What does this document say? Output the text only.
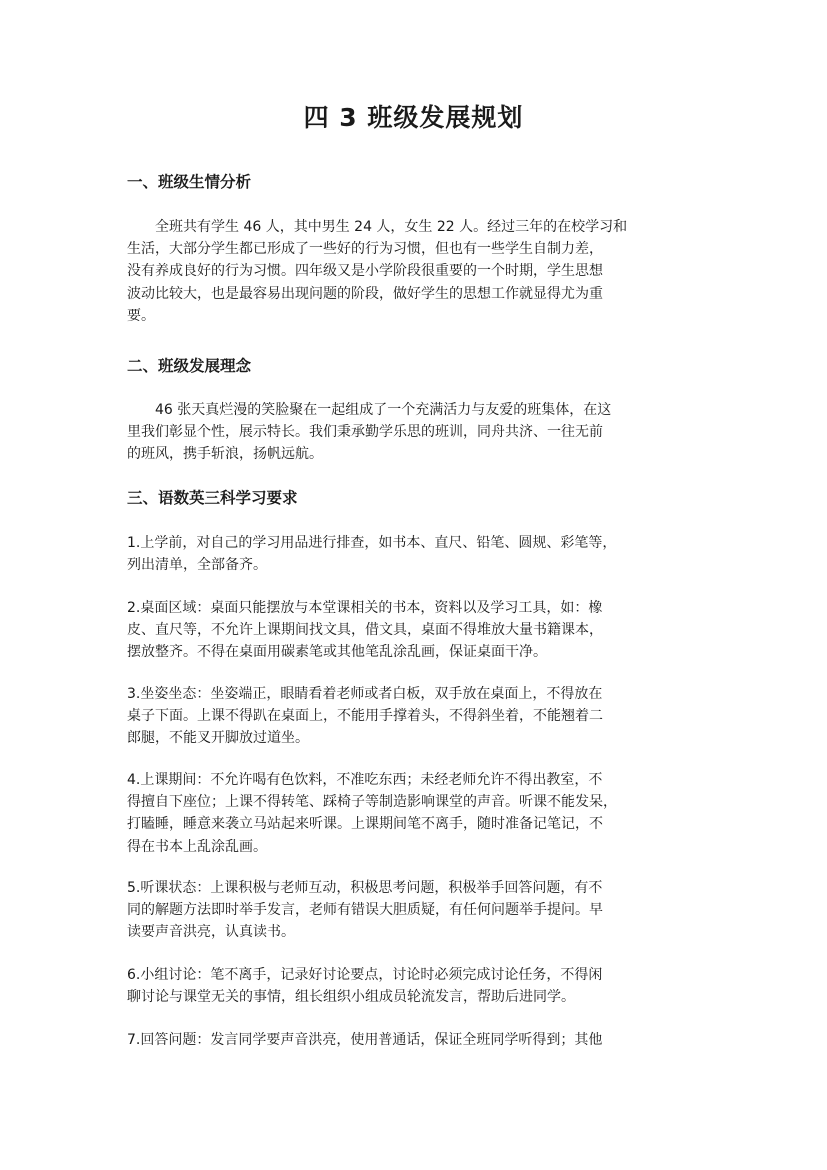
四 3 班级发展规划
一、班级生情分析
　　全班共有学生 46 人，其中男生 24 人，女生 22 人。经过三年的在校学习和
生活，大部分学生都已形成了一些好的行为习惯，但也有一些学生自制力差，
没有养成良好的行为习惯。四年级又是小学阶段很重要的一个时期，学生思想
波动比较大，也是最容易出现问题的阶段，做好学生的思想工作就显得尤为重
要。
二、班级发展理念
　　46 张天真烂漫的笑脸聚在一起组成了一个充满活力与友爱的班集体，在这
里我们彰显个性，展示特长。我们秉承勤学乐思的班训，同舟共济、一往无前
的班风，携手斩浪，扬帆远航。
三、语数英三科学习要求
1.上学前，对自己的学习用品进行排查，如书本、直尺、铅笔、圆规、彩笔等，
列出清单，全部备齐。
2.桌面区域：桌面只能摆放与本堂课相关的书本，资料以及学习工具，如：橡
皮、直尺等，不允许上课期间找文具，借文具，桌面不得堆放大量书籍课本，
摆放整齐。不得在桌面用碳素笔或其他笔乱涂乱画，保证桌面干净。
3.坐姿坐态：坐姿端正，眼睛看着老师或者白板，双手放在桌面上，不得放在
桌子下面。上课不得趴在桌面上，不能用手撑着头，不得斜坐着，不能翘着二
郎腿，不能叉开脚放过道坐。
4.上课期间：不允许喝有色饮料，不准吃东西；未经老师允许不得出教室，不
得擅自下座位；上课不得转笔、踩椅子等制造影响课堂的声音。听课不能发呆，
打瞌睡，睡意来袭立马站起来听课。上课期间笔不离手，随时准备记笔记，不
得在书本上乱涂乱画。
5.听课状态：上课积极与老师互动，积极思考问题，积极举手回答问题，有不
同的解题方法即时举手发言，老师有错误大胆质疑，有任何问题举手提问。早
读要声音洪亮，认真读书。
6.小组讨论：笔不离手，记录好讨论要点，讨论时必须完成讨论任务，不得闲
聊讨论与课堂无关的事情，组长组织小组成员轮流发言，帮助后进同学。
7.回答问题：发言同学要声音洪亮，使用普通话，保证全班同学听得到；其他
